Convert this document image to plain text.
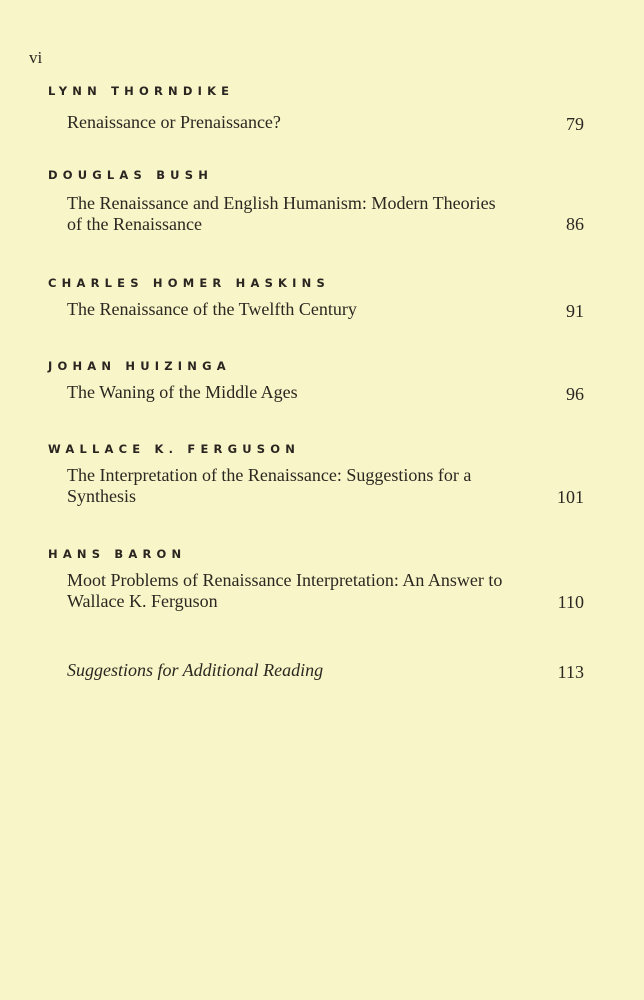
vi
LYNN THORNDIKE
Renaissance or Prenaissance?	79
DOUGLAS BUSH
The Renaissance and English Humanism: Modern Theories
of the Renaissance	86
CHARLES HOMER HASKINS
The Renaissance of the Twelfth Century	91
JOHAN HUIZINGA
The Waning of the Middle Ages	96
WALLACE K. FERGUSON
The Interpretation of the Renaissance: Suggestions for a
Synthesis	101
HANS BARON
Moot Problems of Renaissance Interpretation: An Answer to
Wallace K. Ferguson	110
Suggestions for Additional Reading	113
